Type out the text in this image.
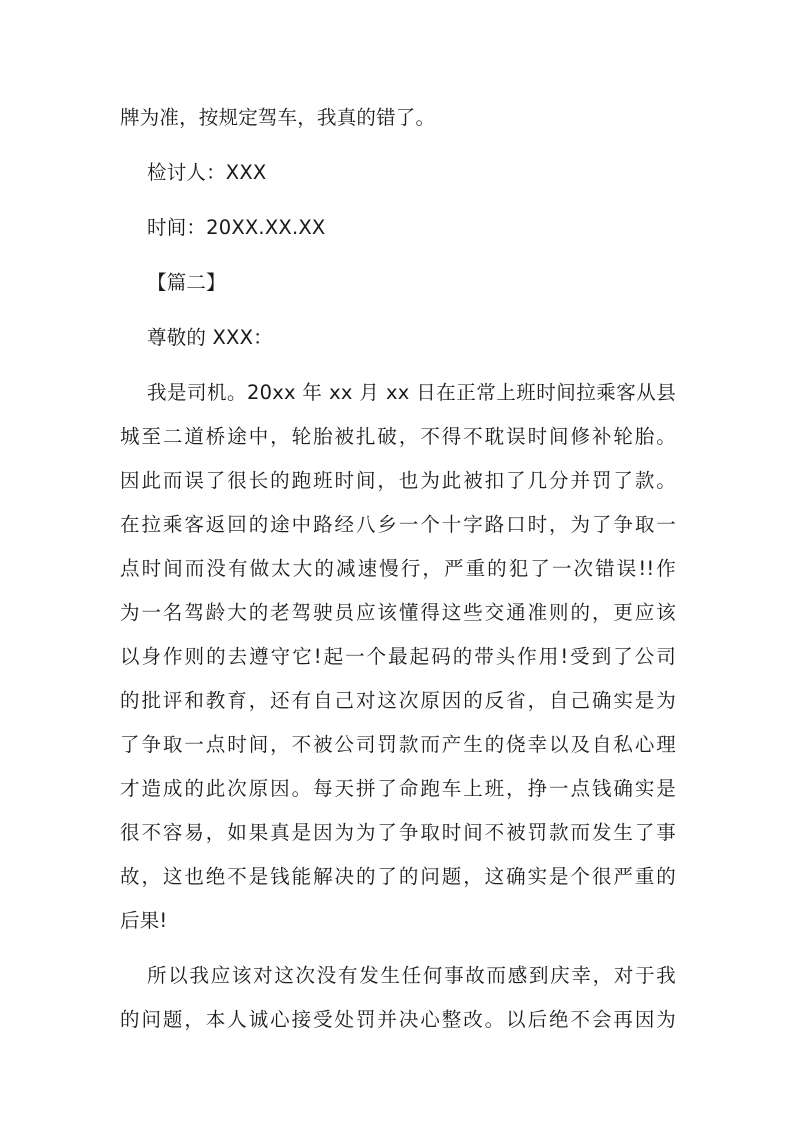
牌为准，按规定驾车，我真的错了。
检讨人：XXX
时间：20XX.XX.XX
【篇二】
尊敬的 XXX：
我是司机。20xx 年 xx 月 xx 日在正常上班时间拉乘客从县
城至二道桥途中，轮胎被扎破，不得不耽误时间修补轮胎。
因此而误了很长的跑班时间，也为此被扣了几分并罚了款。
在拉乘客返回的途中路经八乡一个十字路口时，为了争取一
点时间而没有做太大的减速慢行，严重的犯了一次错误!!作
为一名驾龄大的老驾驶员应该懂得这些交通准则的，更应该
以身作则的去遵守它!起一个最起码的带头作用!受到了公司
的批评和教育，还有自己对这次原因的反省，自己确实是为
了争取一点时间，不被公司罚款而产生的侥幸以及自私心理
才造成的此次原因。每天拼了命跑车上班，挣一点钱确实是
很不容易，如果真是因为为了争取时间不被罚款而发生了事
故，这也绝不是钱能解决的了的问题，这确实是个很严重的
后果!
所以我应该对这次没有发生任何事故而感到庆幸，对于我
的问题，本人诚心接受处罚并决心整改。以后绝不会再因为
